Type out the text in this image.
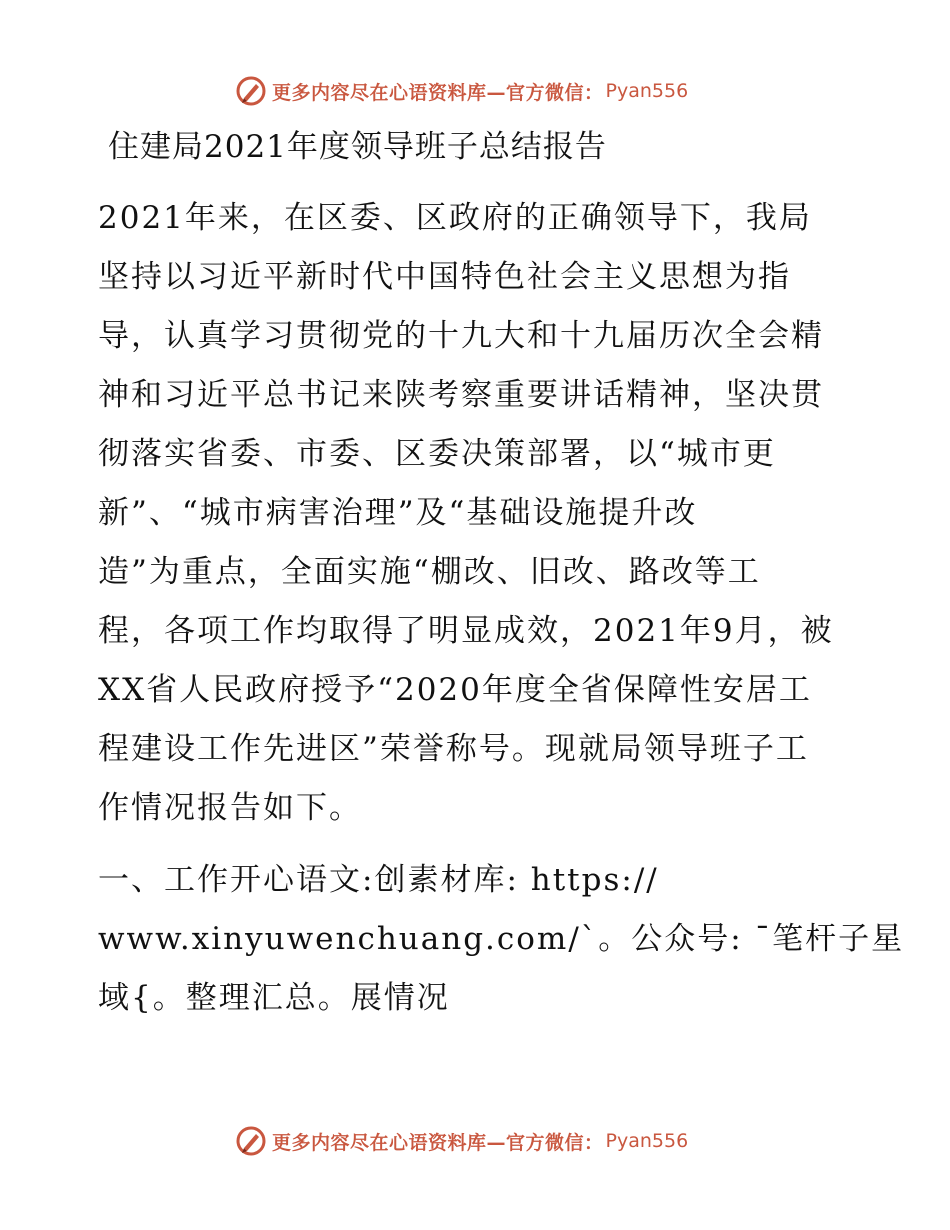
更多内容尽在心语资料库—官方微信： Pyan556
住建局2021年度领导班子总结报告
2021年来，在区委、区政府的正确领导下，我局
坚持以习近平新时代中国特色社会主义思想为指
导，认真学习贯彻党的十九大和十九届历次全会精
神和习近平总书记来陕考察重要讲话精神，坚决贯
彻落实省委、市委、区委决策部署，以“城市更
新”、“城市病害治理”及“基础设施提升改
造”为重点，全面实施“棚改、旧改、路改等工
程，各项工作均取得了明显成效，2021年9月，被
XX省人民政府授予“2020年度全省保障性安居工
程建设工作先进区”荣誉称号。现就局领导班子工
作情况报告如下。
一、工作开心语文:创素材库: https://
www.xinyuwenchuang.com/`。公众号: ¯笔杆子星
域{。整理汇总。展情况
更多内容尽在心语资料库—官方微信： Pyan556
